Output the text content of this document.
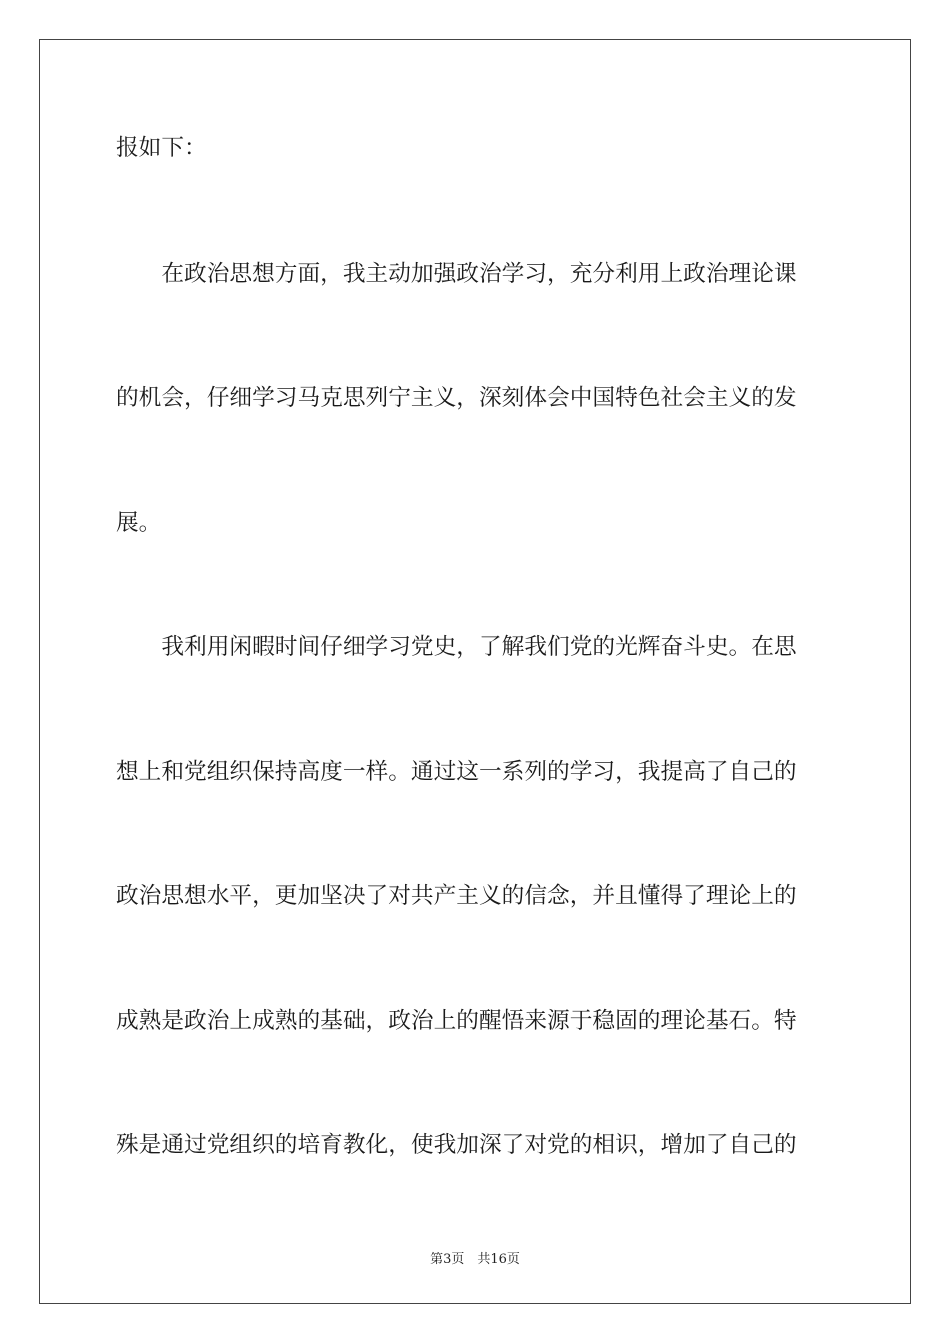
报如下：
　　在政治思想方面，我主动加强政治学习，充分利用上政治理论课
的机会，仔细学习马克思列宁主义，深刻体会中国特色社会主义的发
展。
　　我利用闲暇时间仔细学习党史，了解我们党的光辉奋斗史。在思
想上和党组织保持高度一样。通过这一系列的学习，我提高了自己的
政治思想水平，更加坚决了对共产主义的信念，并且懂得了理论上的
成熟是政治上成熟的基础，政治上的醒悟来源于稳固的理论基石。特
殊是通过党组织的培育教化，使我加深了对党的相识，增加了自己的
第3页　共16页
